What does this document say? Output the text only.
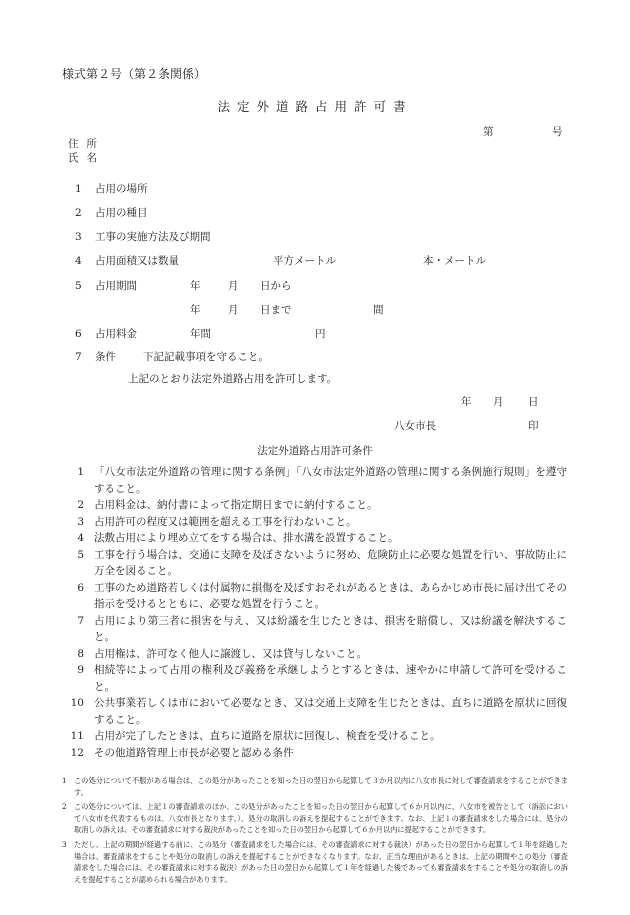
様式第２号（第２条関係）
法定外道路占用許可書
第	号
住所
氏名
1 占用の場所
2 占用の種目
3 工事の実施方法及び期間
4 占用面積又は数量	平方メートル	本・メートル
5 占用期間	年	月 日から
年	月 日まで	間
6 占用料金	年間	円
7 条件	下記記載事項を守ること。
上記のとおり法定外道路占用を許可します。
年 月 日
八女市長	印
法定外道路占用許可条件
1 「八女市法定外道路の管理に関する条例」「八女市法定外道路の管理に関する条例施行規則」を遵守すること。
2 占用料金は、納付書によって指定期日までに納付すること。
3 占用許可の程度又は範囲を超える工事を行わないこと。
4 法敷占用により埋め立てをする場合は、排水溝を設置すること。
5 工事を行う場合は、交通に支障を及ぼさないように努め、危険防止に必要な処置を行い、事故防止に万全を図ること。
6 工事のため道路若しくは付属物に損傷を及ぼすおそれがあるときは、あらかじめ市長に届け出てその指示を受けるとともに、必要な処置を行うこと。
7 占用により第三者に損害を与え、又は紛議を生じたときは、損害を賠償し、又は紛議を解決すること。
8 占用権は、許可なく他人に譲渡し、又は貸与しないこと。
9 相続等によって占用の権利及び義務を承継しようとするときは、速やかに申請して許可を受けること。
10 公共事業若しくは市において必要なとき、又は交通上支障を生じたときは、直ちに道路を原状に回復すること。
11 占用が完了したときは、直ちに道路を原状に回復し、検査を受けること。
12 その他道路管理上市長が必要と認める条件
1 この処分について不服がある場合は、この処分があったことを知った日の翌日から起算して３か月以内に八女市長に対して審査請求をすることができます。
2 この処分については、上記１の審査請求のほか、この処分があったことを知った日の翌日から起算して６か月以内に、八女市を被告として（訴訟において八女市を代表するものは、八女市長となります。）、処分の取消しの訴えを提起することができます。なお、上記１の審査請求をした場合には、処分の取消しの訴えは、その審査請求に対する裁決があったことを知った日の翌日から起算して６か月以内に提起することができます。
3 ただし、上記の期間が経過する前に、この処分（審査請求をした場合には、その審査請求に対する裁決）があった日の翌日から起算して１年を経過した場合は、審査請求をすることや処分の取消しの訴えを提起することができなくなります。なお、正当な理由があるときは、上記の期間やこの処分（審査請求をした場合には、その審査請求に対する裁決）があった日の翌日から起算して１年を経過した後であっても審査請求をすることや処分の取消しの訴えを提起することが認められる場合があります。
